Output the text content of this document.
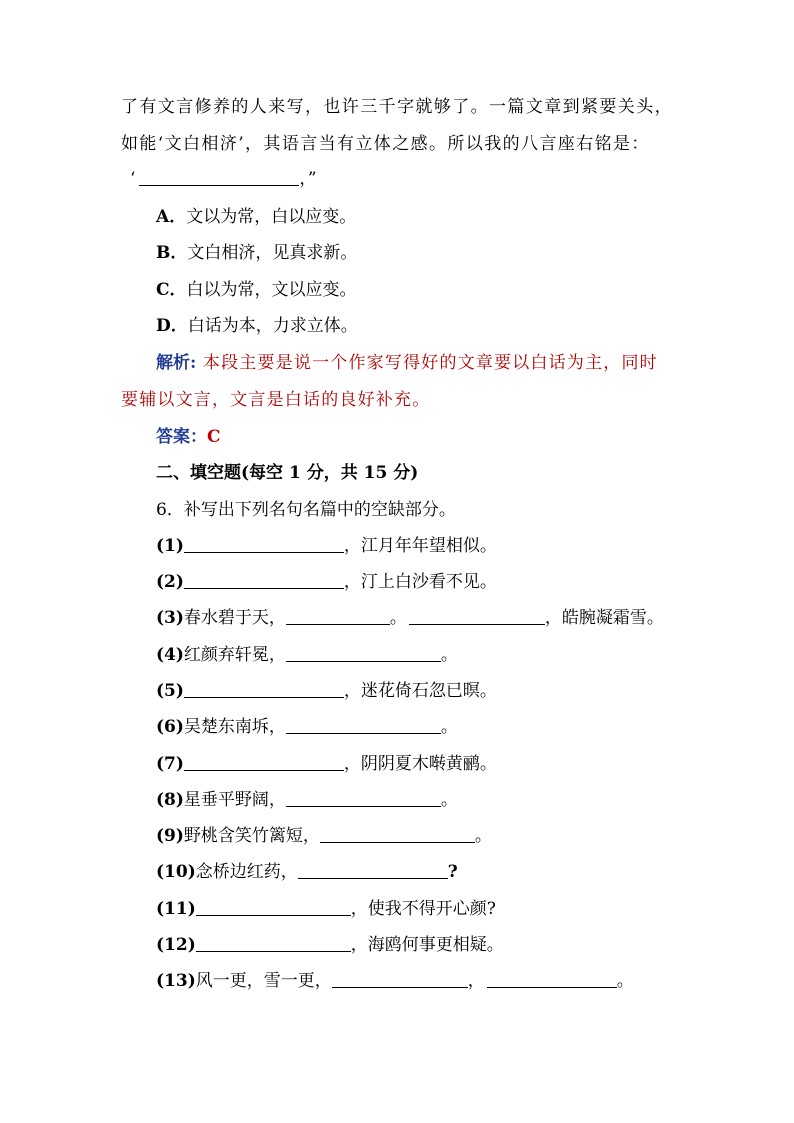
了有文言修养的人来写，也许三千字就够了。一篇文章到紧要关头，
如能‘文白相济’，其语言当有立体之感。所以我的八言座右铭是：
‘	，”
A．文以为常，白以应变。
B．文白相济，见真求新。
C．白以为常，文以应变。
D．白话为本，力求立体。
解析: 本段主要是说一个作家写得好的文章要以白话为主，同时
要辅以文言，文言是白话的良好补充。
答案：C
二、填空题(每空 1 分，共 15 分)
6．补写出下列名句名篇中的空缺部分。
(1)	，江月年年望相似。
(2)	，汀上白沙看不见。
(3)春水碧于天，	。	，皓腕凝霜雪。
(4)红颜弃轩冕，	。
(5)	，迷花倚石忽已暝。
(6)吴楚东南坼，	。
(7)	，阴阴夏木啭黄鹂。
(8)星垂平野阔，	。
(9)野桃含笑竹篱短，	。
(10)念桥边红药，	?
(11)	，使我不得开心颜?
(12)	，海鸥何事更相疑。
(13)风一更，雪一更，	，	。
